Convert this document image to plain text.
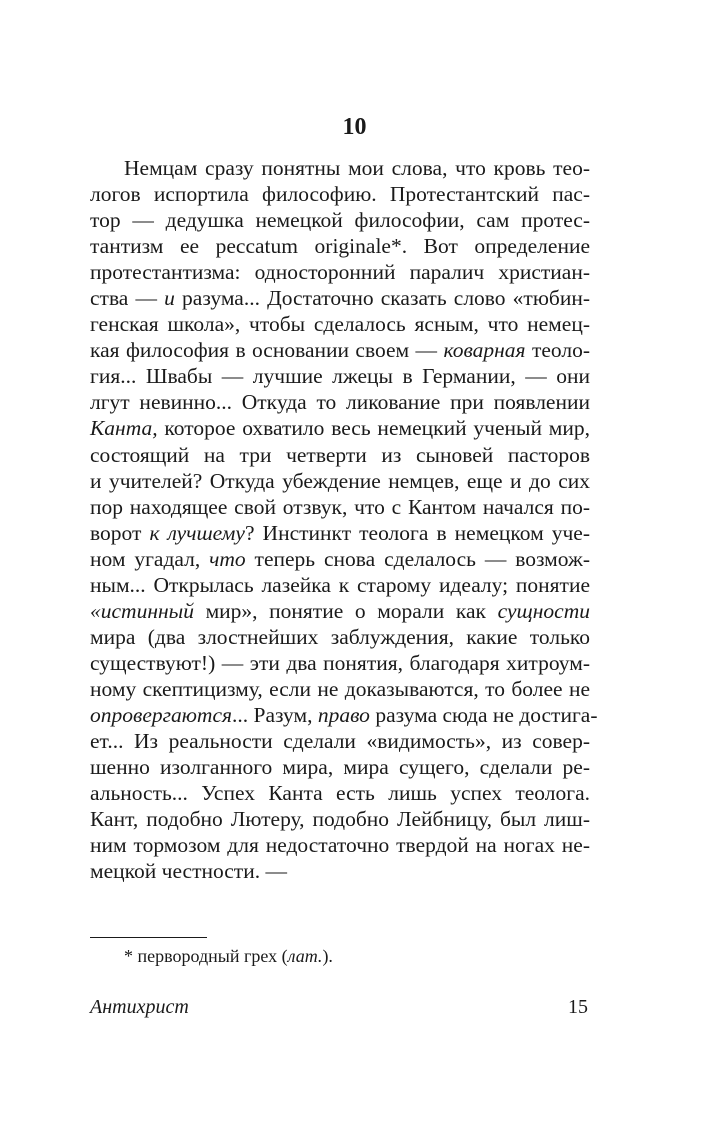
10
Немцам сразу понятны мои слова, что кровь тео-
логов испортила философию. Протестантский пас-
тор — дедушка немецкой философии, сам протес-
тантизм ее peccatum originale*. Вот определение
протестантизма: односторонний паралич христиан-
ства — и разума... Достаточно сказать слово «тюбин-
генская школа», чтобы сделалось ясным, что немец-
кая философия в основании своем — коварная теоло-
гия... Швабы — лучшие лжецы в Германии, — они
лгут невинно... Откуда то ликование при появлении
Канта, которое охватило весь немецкий ученый мир,
состоящий на три четверти из сыновей пасторов
и учителей? Откуда убеждение немцев, еще и до сих
пор находящее свой отзвук, что с Кантом начался по-
ворот к лучшему? Инстинкт теолога в немецком уче-
ном угадал, что теперь снова сделалось — возмож-
ным... Открылась лазейка к старому идеалу; понятие
«истинный мир», понятие о морали как сущности
мира (два злостнейших заблуждения, какие только
существуют!) — эти два понятия, благодаря хитроум-
ному скептицизму, если не доказываются, то более не
опровергаются... Разум, право разума сюда не достига-
ет... Из реальности сделали «видимость», из совер-
шенно изолганного мира, мира сущего, сделали ре-
альность... Успех Канта есть лишь успех теолога.
Кант, подобно Лютеру, подобно Лейбницу, был лиш-
ним тормозом для недостаточно твердой на ногах не-
мецкой честности. —
* первородный грех (лат.).
Антихрист	15
